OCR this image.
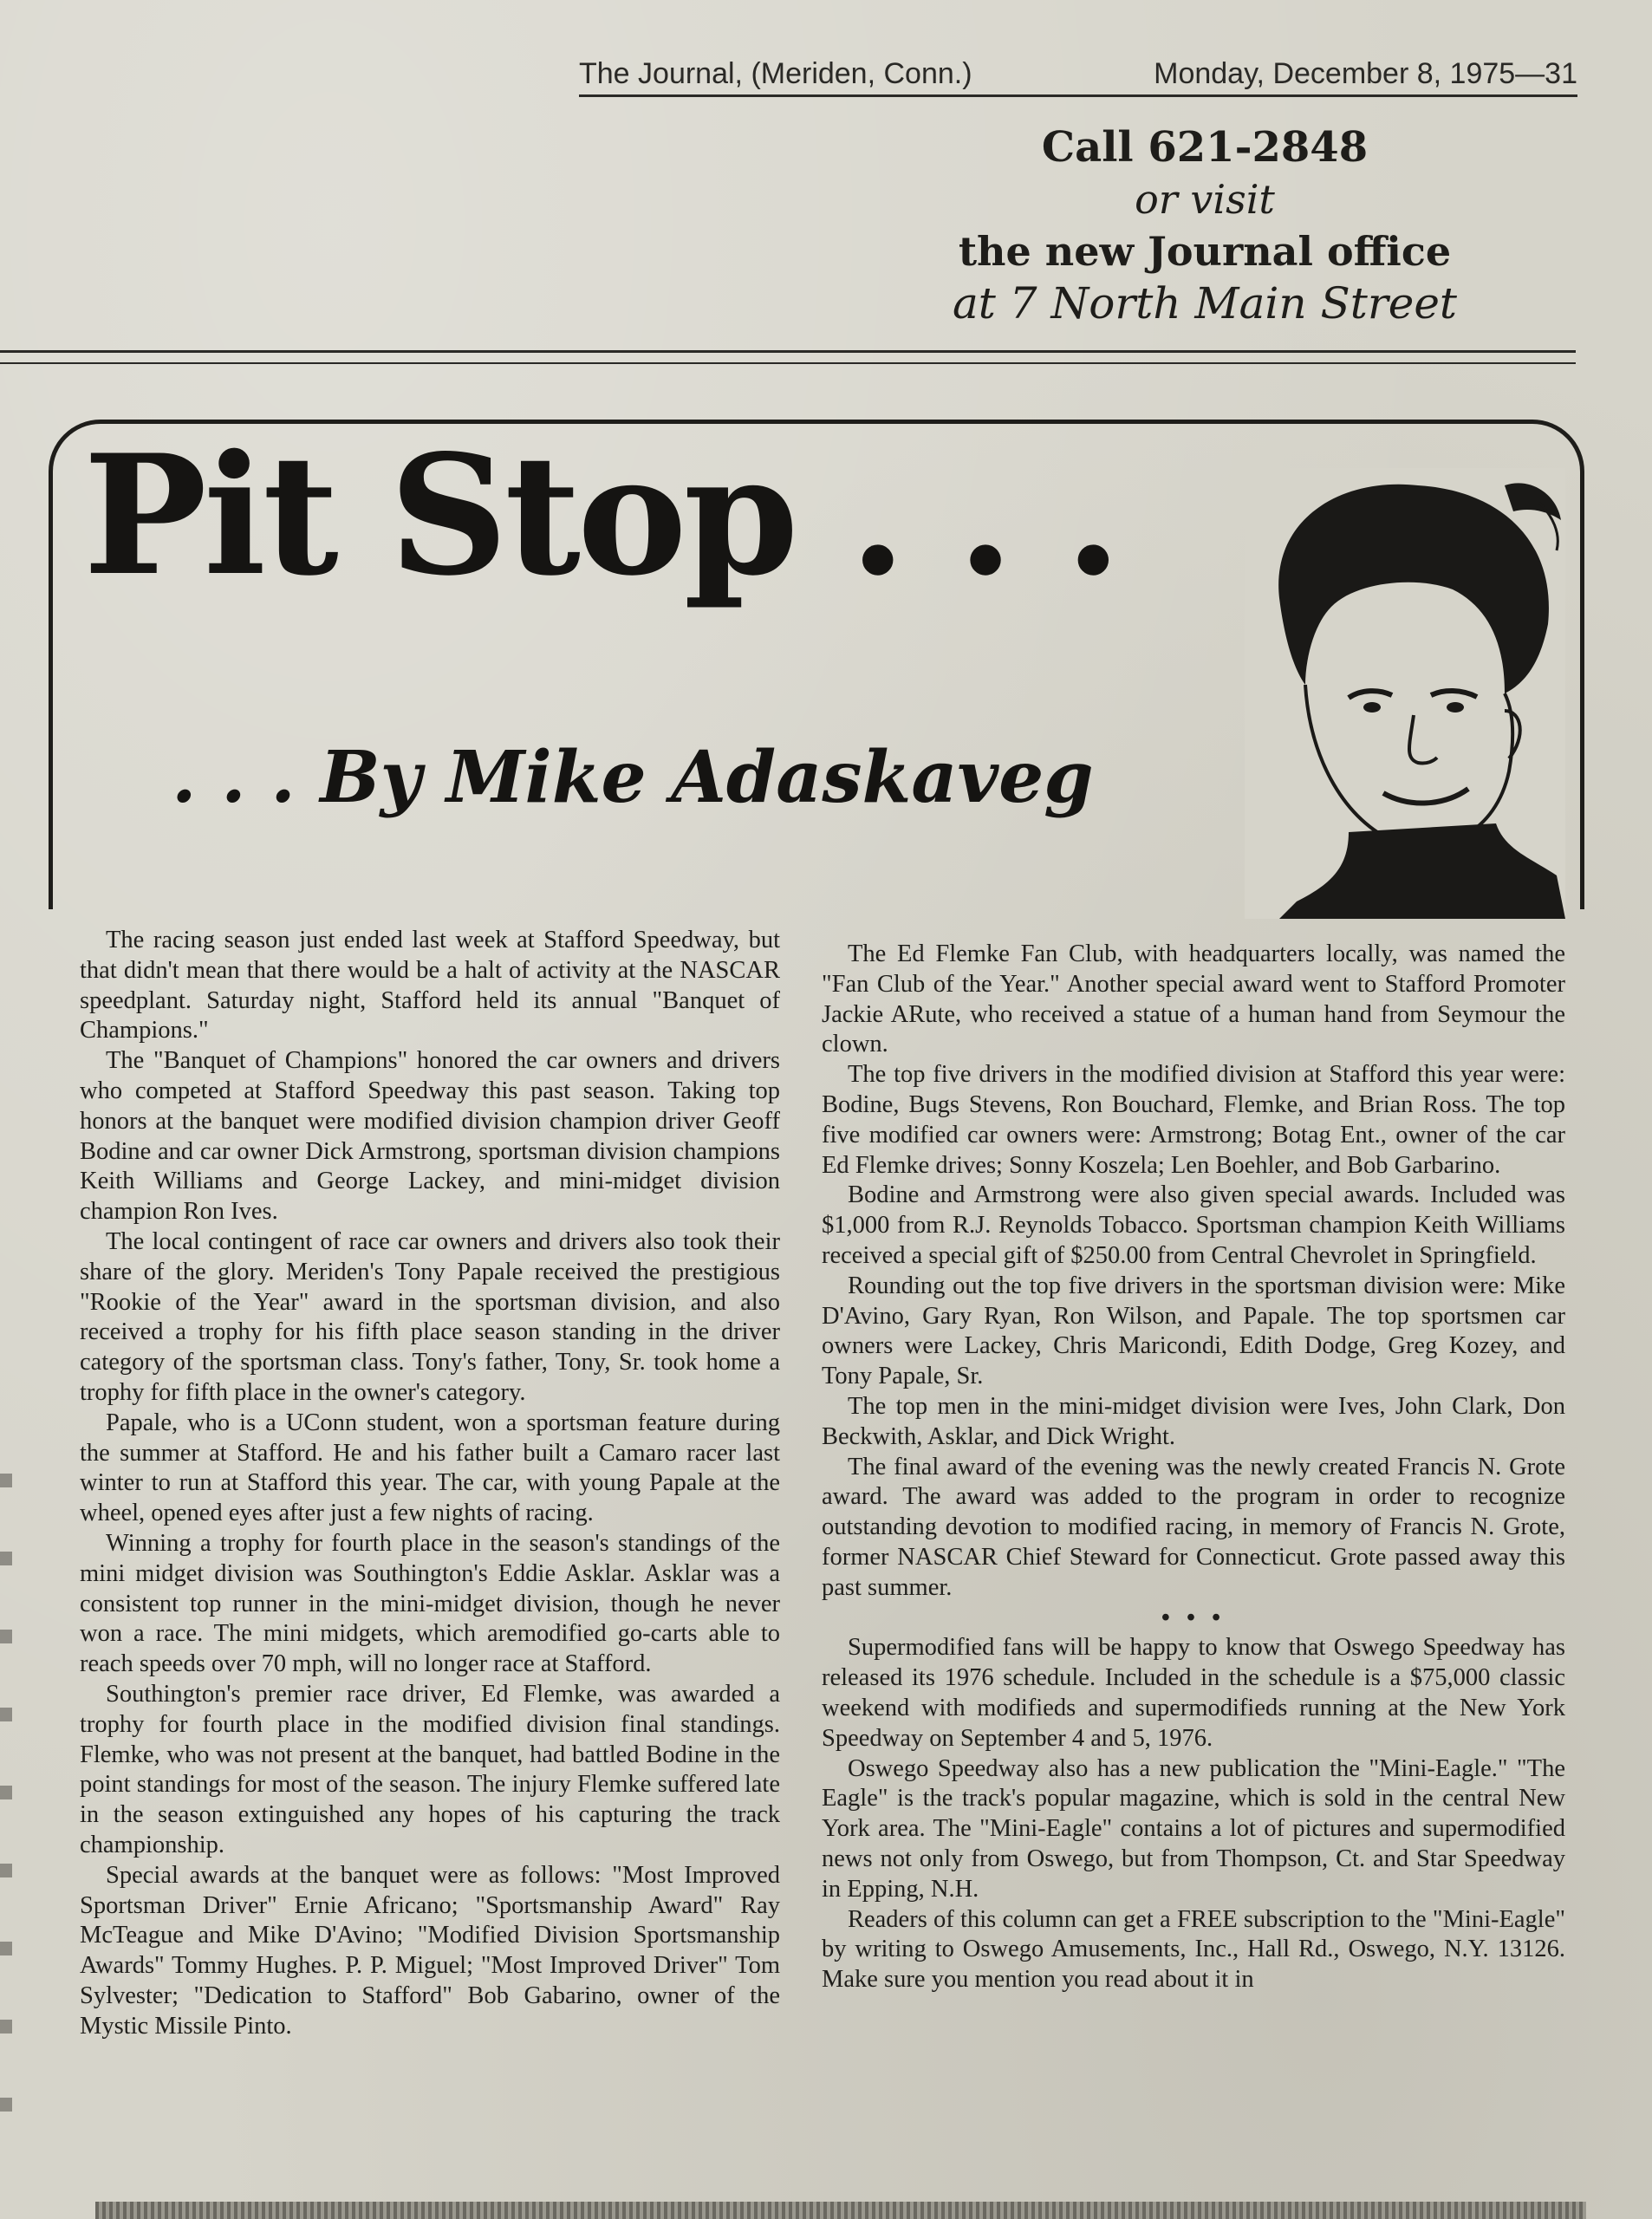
The Journal, (Meriden, Conn.)	Monday, December 8, 1975—31
Call 621-2848
or visit
the new Journal office
at 7 North Main Street
Pit Stop . . .
. . . By Mike Adaskaveg

The racing season just ended last week at Stafford Speedway, but that didn't mean that there would be a halt of activity at the NASCAR speedplant. Saturday night, Stafford held its annual "Banquet of Champions."

The "Banquet of Champions" honored the car owners and drivers who competed at Stafford Speedway this past season. Taking top honors at the banquet were modified division champion driver Geoff Bodine and car owner Dick Armstrong, sportsman division champions Keith Williams and George Lackey, and mini-midget division champion Ron Ives.

The local contingent of race car owners and drivers also took their share of the glory. Meriden's Tony Papale received the prestigious "Rookie of the Year" award in the sportsman division, and also received a trophy for his fifth place season standing in the driver category of the sportsman class. Tony's father, Tony, Sr. took home a trophy for fifth place in the owner's category.

Papale, who is a UConn student, won a sportsman feature during the summer at Stafford. He and his father built a Camaro racer last winter to run at Stafford this year. The car, with young Papale at the wheel, opened eyes after just a few nights of racing.

Winning a trophy for fourth place in the season's standings of the mini midget division was Southington's Eddie Asklar. Asklar was a consistent top runner in the mini-midget division, though he never won a race. The mini midgets, which aremodified go-carts able to reach speeds over 70 mph, will no longer race at Stafford.

Southington's premier race driver, Ed Flemke, was awarded a trophy for fourth place in the modified division final standings. Flemke, who was not present at the banquet, had battled Bodine in the point standings for most of the season. The injury Flemke suffered late in the season extinguished any hopes of his capturing the track championship.

Special awards at the banquet were as follows: "Most Improved Sportsman Driver" Ernie Africano; "Sportsmanship Award" Ray McTeague and Mike D'Avino; "Modified Division Sportsmanship Awards" Tommy Hughes. P. P. Miguel; "Most Improved Driver" Tom Sylvester; "Dedication to Stafford" Bob Gabarino, owner of the Mystic Missile Pinto.

The Ed Flemke Fan Club, with headquarters locally, was named the "Fan Club of the Year." Another special award went to Stafford Promoter Jackie ARute, who received a statue of a human hand from Seymour the clown.

The top five drivers in the modified division at Stafford this year were: Bodine, Bugs Stevens, Ron Bouchard, Flemke, and Brian Ross. The top five modified car owners were: Armstrong; Botag Ent., owner of the car Ed Flemke drives; Sonny Koszela; Len Boehler, and Bob Garbarino.

Bodine and Armstrong were also given special awards. Included was $1,000 from R.J. Reynolds Tobacco. Sportsman champion Keith Williams received a special gift of $250.00 from Central Chevrolet in Springfield.

Rounding out the top five drivers in the sportsman division were: Mike D'Avino, Gary Ryan, Ron Wilson, and Papale. The top sportsmen car owners were Lackey, Chris Maricondi, Edith Dodge, Greg Kozey, and Tony Papale, Sr.

The top men in the mini-midget division were Ives, John Clark, Don Beckwith, Asklar, and Dick Wright.

The final award of the evening was the newly created Francis N. Grote award. The award was added to the program in order to recognize outstanding devotion to modified racing, in memory of Francis N. Grote, former NASCAR Chief Steward for Connecticut. Grote passed away this past summer.

• • •

Supermodified fans will be happy to know that Oswego Speedway has released its 1976 schedule. Included in the schedule is a $75,000 classic weekend with modifieds and supermodifieds running at the New York Speedway on September 4 and 5, 1976.

Oswego Speedway also has a new publication the "Mini-Eagle." "The Eagle" is the track's popular magazine, which is sold in the central New York area. The "Mini-Eagle" contains a lot of pictures and supermodified news not only from Oswego, but from Thompson, Ct. and Star Speedway in Epping, N.H.

Readers of this column can get a FREE subscription to the "Mini-Eagle" by writing to Oswego Amusements, Inc., Hall Rd., Oswego, N.Y. 13126. Make sure you mention you read about it in
